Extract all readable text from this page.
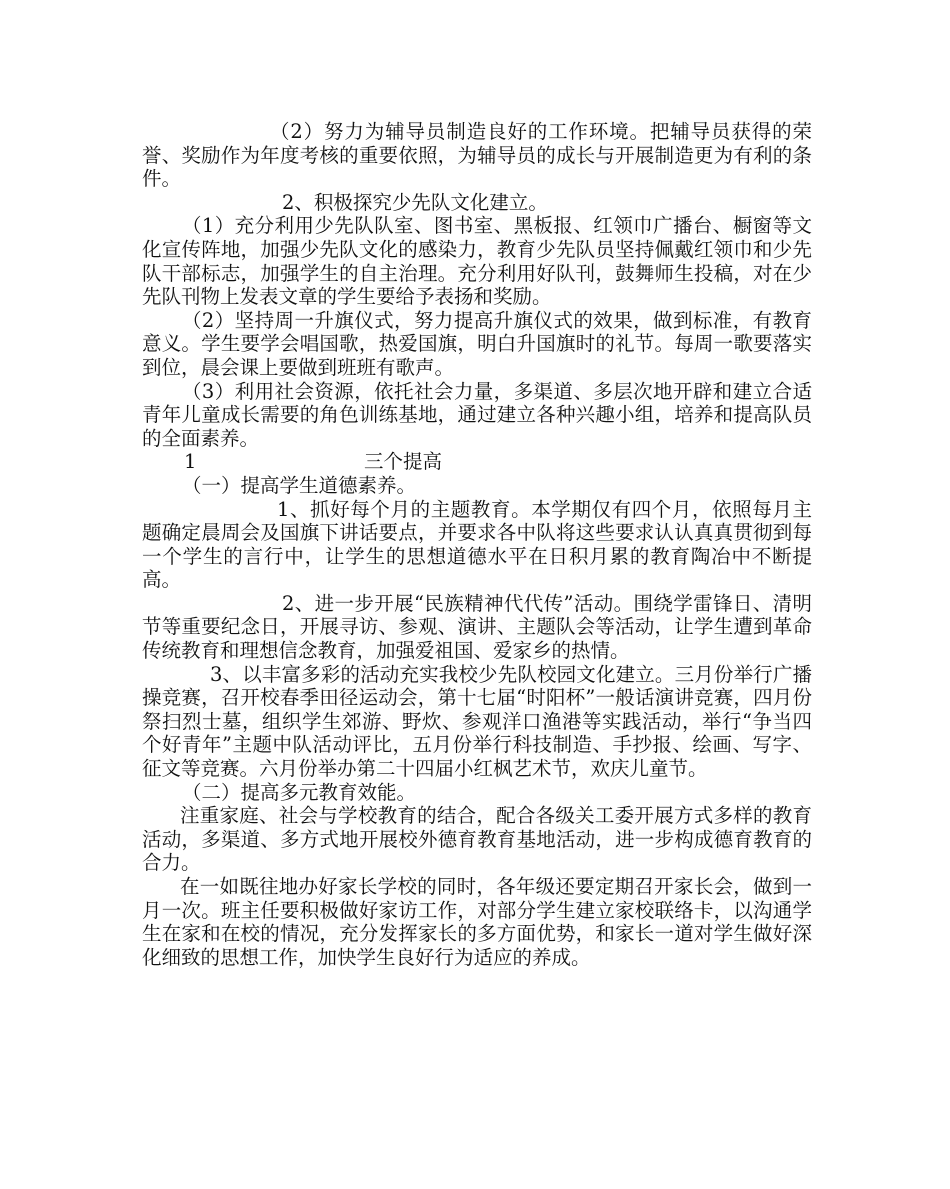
（2）努力为辅导员制造良好的工作环境。把辅导员获得的荣誉、奖励作为年度考核的重要依照，为辅导员的成长与开展制造更为有利的条件。

2、积极探究少先队文化建立。

（1）充分利用少先队队室、图书室、黑板报、红领巾广播台、橱窗等文化宣传阵地，加强少先队文化的感染力，教育少先队员坚持佩戴红领巾和少先队干部标志，加强学生的自主治理。充分利用好队刊，鼓舞师生投稿，对在少先队刊物上发表文章的学生要给予表扬和奖励。

（2）坚持周一升旗仪式，努力提高升旗仪式的效果，做到标准，有教育意义。学生要学会唱国歌，热爱国旗，明白升国旗时的礼节。每周一歌要落实到位，晨会课上要做到班班有歌声。

（3）利用社会资源，依托社会力量，多渠道、多层次地开辟和建立合适青年儿童成长需要的角色训练基地，通过建立各种兴趣小组，培养和提高队员的全面素养。

1	三个提高

（一）提高学生道德素养。

1、抓好每个月的主题教育。本学期仅有四个月，依照每月主题确定晨周会及国旗下讲话要点，并要求各中队将这些要求认认真真贯彻到每一个学生的言行中，让学生的思想道德水平在日积月累的教育陶冶中不断提高。

2、进一步开展“民族精神代代传”活动。围绕学雷锋日、清明节等重要纪念日，开展寻访、参观、演讲、主题队会等活动，让学生遭到革命传统教育和理想信念教育，加强爱祖国、爱家乡的热情。

3、以丰富多彩的活动充实我校少先队校园文化建立。三月份举行广播操竞赛，召开校春季田径运动会，第十七届“时阳杯”一般话演讲竞赛，四月份祭扫烈士墓，组织学生郊游、野炊、参观洋口渔港等实践活动，举行“争当四个好青年”主题中队活动评比，五月份举行科技制造、手抄报、绘画、写字、征文等竞赛。六月份举办第二十四届小红枫艺术节，欢庆儿童节。

（二）提高多元教育效能。

注重家庭、社会与学校教育的结合，配合各级关工委开展方式多样的教育活动，多渠道、多方式地开展校外德育教育基地活动，进一步构成德育教育的合力。

在一如既往地办好家长学校的同时，各年级还要定期召开家长会，做到一月一次。班主任要积极做好家访工作，对部分学生建立家校联络卡，以沟通学生在家和在校的情况，充分发挥家长的多方面优势，和家长一道对学生做好深化细致的思想工作，加快学生良好行为适应的养成。
